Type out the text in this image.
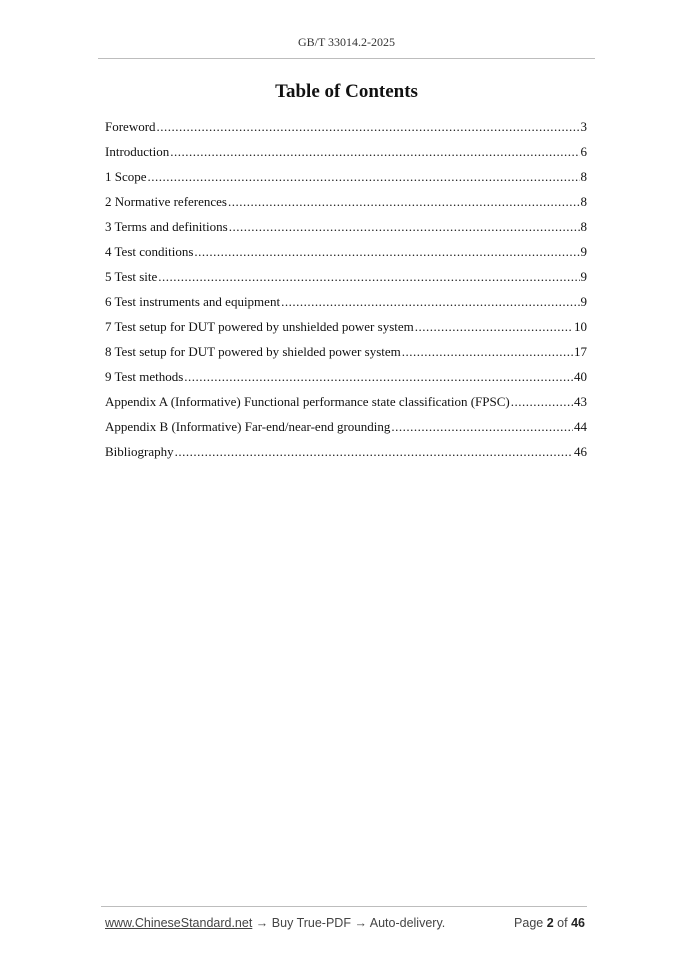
GB/T 33014.2-2025
Table of Contents
Foreword .....	3
Introduction .....	6
1 Scope .....	8
2 Normative references .....	8
3 Terms and definitions .....	8
4 Test conditions .....	9
5 Test site .....	9
6 Test instruments and equipment .....	9
7 Test setup for DUT powered by unshielded power system .....	10
8 Test setup for DUT powered by shielded power system .....	17
9 Test methods .....	40
Appendix A (Informative) Functional performance state classification (FPSC) .....	43
Appendix B (Informative) Far-end/near-end grounding .....	44
Bibliography .....	46
www.ChineseStandard.net → Buy True-PDF → Auto-delivery.	Page 2 of 46
